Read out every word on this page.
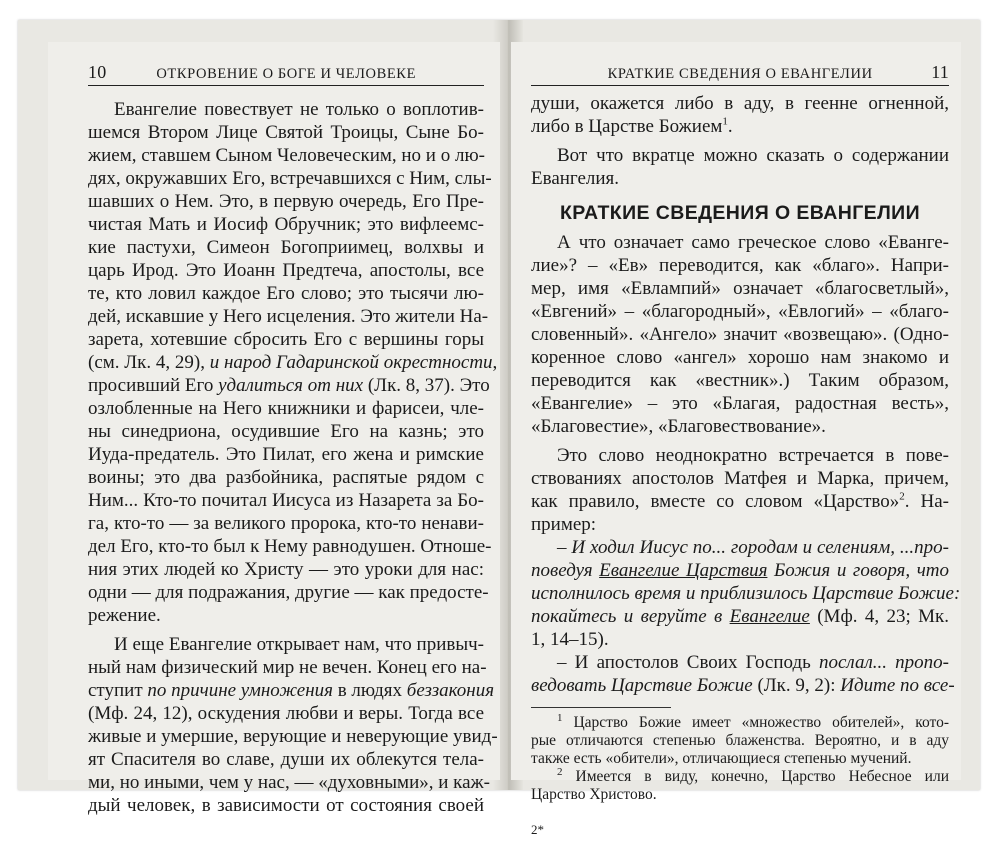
10	ОТКРОВЕНИЕ О БОГЕ И ЧЕЛОВЕКЕ
Евангелие повествует не только о воплотив-
шемся Втором Лице Святой Троицы, Сыне Бо-
жием, ставшем Сыном Человеческим, но и о лю-
дях, окружавших Его, встречавшихся с Ним, слы-
шавших о Нем. Это, в первую очередь, Его Пре-
чистая Мать и Иосиф Обручник; это вифлеемс-
кие пастухи, Симеон Богоприимец, волхвы и
царь Ирод. Это Иоанн Предтеча, апостолы, все
те, кто ловил каждое Его слово; это тысячи лю-
дей, искавшие у Него исцеления. Это жители На-
зарета, хотевшие сбросить Его с вершины горы
(см. Лк. 4, 29), и народ Гадаринской окрестности,
просивший Его удалиться от них (Лк. 8, 37). Это
озлобленные на Него книжники и фарисеи, чле-
ны синедриона, осудившие Его на казнь; это
Иуда-предатель. Это Пилат, его жена и римские
воины; это два разбойника, распятые рядом с
Ним... Кто-то почитал Иисуса из Назарета за Бо-
га, кто-то — за великого пророка, кто-то ненави-
дел Его, кто-то был к Нему равнодушен. Отноше-
ния этих людей ко Христу — это уроки для нас:
одни — для подражания, другие — как предосте-
режение.
И еще Евангелие открывает нам, что привыч-
ный нам физический мир не вечен. Конец его на-
ступит по причине умножения в людях беззакония
(Мф. 24, 12), оскудения любви и веры. Тогда все
живые и умершие, верующие и неверующие увид-
ят Спасителя во славе, души их облекутся тела-
ми, но иными, чем у нас, — «духовными», и каж-
дый человек, в зависимости от состояния своей
КРАТКИЕ СВЕДЕНИЯ О ЕВАНГЕЛИИ	11
души, окажется либо в аду, в геенне огненной,
либо в Царстве Божием$^1$.
Вот что вкратце можно сказать о содержании
Евангелия.
КРАТКИЕ СВЕДЕНИЯ О ЕВАНГЕЛИИ
А что означает само греческое слово «Еванге-
лие»? – «Ев» переводится, как «благо». Напри-
мер, имя «Евлампий» означает «благосветлый»,
«Евгений» – «благородный», «Евлогий» – «благо-
словенный». «Ангело» значит «возвещаю». (Одно-
коренное слово «ангел» хорошо нам знакомо и
переводится как «вестник».) Таким образом,
«Евангелие» – это «Благая, радостная весть»,
«Благовестие», «Благовествование».
Это слово неоднократно встречается в пове-
ствованиях апостолов Матфея и Марка, причем,
как правило, вместе со словом «Царство»$^2$. На-
пример:
– И ходил Иисус по... городам и селениям, ...про-
поведуя Евангелие Царствия Божия и говоря, что
исполнилось время и приблизилось Царствие Божие:
покайтесь и веруйте в Евангелие (Мф. 4, 23; Мк.
1, 14–15).
– И апостолов Своих Господь послал... пропо-
ведовать Царствие Божие (Лк. 9, 2): Идите по все-
$^1$ Царство Божие имеет «множество обителей», кото-
рые отличаются степенью блаженства. Вероятно, и в аду
также есть «обители», отличающиеся степенью мучений.
$^2$ Имеется в виду, конечно, Царство Небесное или
Царство Христово.
2*
